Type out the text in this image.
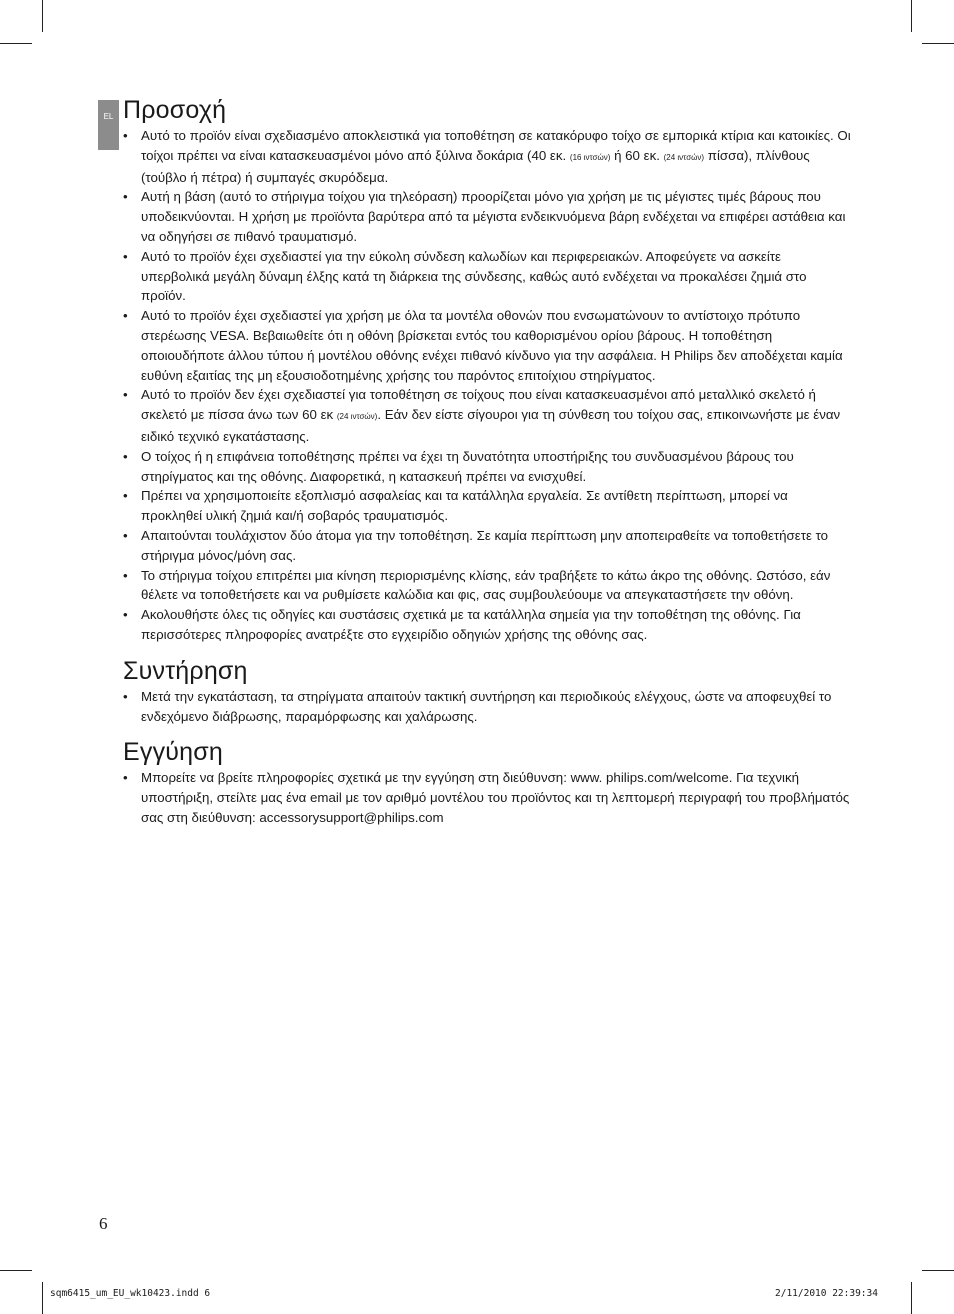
EL Προσοχή
• Αυτό το προϊόν είναι σχεδιασμένο αποκλειστικά για τοποθέτηση σε κατακόρυφο τοίχο σε εμπορικά κτίρια και κατοικίες. Οι τοίχοι πρέπει να είναι κατασκευασμένοι μόνο από ξύλινα δοκάρια (40 εκ. (16 ιντσών) ή 60 εκ. (24 ιντσών) πίσσα), πλίνθους (τούβλο ή πέτρα) ή συμπαγές σκυρόδεμα.
• Αυτή η βάση (αυτό το στήριγμα τοίχου για τηλεόραση) προορίζεται μόνο για χρήση με τις μέγιστες τιμές βάρους που υποδεικνύονται. Η χρήση με προϊόντα βαρύτερα από τα μέγιστα ενδεικνυόμενα βάρη ενδέχεται να επιφέρει αστάθεια και να οδηγήσει σε πιθανό τραυματισμό.
• Αυτό το προϊόν έχει σχεδιαστεί για την εύκολη σύνδεση καλωδίων και περιφερειακών. Αποφεύγετε να ασκείτε υπερβολικά μεγάλη δύναμη έλξης κατά τη διάρκεια της σύνδεσης, καθώς αυτό ενδέχεται να προκαλέσει ζημιά στο προϊόν.
• Αυτό το προϊόν έχει σχεδιαστεί για χρήση με όλα τα μοντέλα οθονών που ενσωματώνουν το αντίστοιχο πρότυπο στερέωσης VESA. Βεβαιωθείτε ότι η οθόνη βρίσκεται εντός του καθορισμένου ορίου βάρους. Η τοποθέτηση οποιουδήποτε άλλου τύπου ή μοντέλου οθόνης ενέχει πιθανό κίνδυνο για την ασφάλεια. Η Philips δεν αποδέχεται καμία ευθύνη εξαιτίας της μη εξουσιοδοτημένης χρήσης του παρόντος επιτοίχιου στηρίγματος.
• Αυτό το προϊόν δεν έχει σχεδιαστεί για τοποθέτηση σε τοίχους που είναι κατασκευασμένοι από μεταλλικό σκελετό ή σκελετό με πίσσα άνω των 60 εκ (24 ιντσών). Εάν δεν είστε σίγουροι για τη σύνθεση του τοίχου σας, επικοινωνήστε με έναν ειδικό τεχνικό εγκατάστασης.
• Ο τοίχος ή η επιφάνεια τοποθέτησης πρέπει να έχει τη δυνατότητα υποστήριξης του συνδυασμένου βάρους του στηρίγματος και της οθόνης. Διαφορετικά, η κατασκευή πρέπει να ενισχυθεί.
• Πρέπει να χρησιμοποιείτε εξοπλισμό ασφαλείας και τα κατάλληλα εργαλεία. Σε αντίθετη περίπτωση, μπορεί να προκληθεί υλική ζημιά και/ή σοβαρός τραυματισμός.
• Απαιτούνται τουλάχιστον δύο άτομα για την τοποθέτηση. Σε καμία περίπτωση μην αποπειραθείτε να τοποθετήσετε το στήριγμα μόνος/μόνη σας.
• Το στήριγμα τοίχου επιτρέπει μια κίνηση περιορισμένης κλίσης, εάν τραβήξετε το κάτω άκρο της οθόνης. Ωστόσο, εάν θέλετε να τοποθετήσετε και να ρυθμίσετε καλώδια και φις, σας συμβουλεύουμε να απεγκαταστήσετε την οθόνη.
• Ακολουθήστε όλες τις οδηγίες και συστάσεις σχετικά με τα κατάλληλα σημεία για την τοποθέτηση της οθόνης. Για περισσότερες πληροφορίες ανατρέξτε στο εγχειρίδιο οδηγιών χρήσης της οθόνης σας.
Συντήρηση
• Μετά την εγκατάσταση, τα στηρίγματα απαιτούν τακτική συντήρηση και περιοδικούς ελέγχους, ώστε να αποφευχθεί το ενδεχόμενο διάβρωσης, παραμόρφωσης και χαλάρωσης.
Εγγύηση
• Μπορείτε να βρείτε πληροφορίες σχετικά με την εγγύηση στη διεύθυνση: www. philips.com/welcome. Για τεχνική υποστήριξη, στείλτε μας ένα email με τον αριθμό μοντέλου του προϊόντος και τη λεπτομερή περιγραφή του προβλήματός σας στη διεύθυνση: accessorysupport@philips.com
6
sqm6415_um_EU_wk10423.indd 6	2/11/2010 22:39:34
